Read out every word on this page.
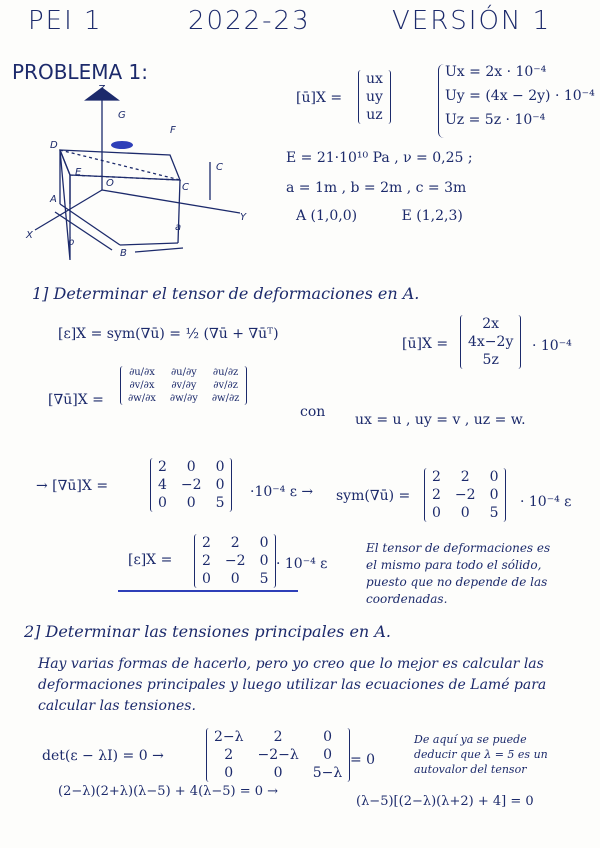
PEI 1	2022-23	VERSIÓN 1
PROBLEMA 1:
Z
X
Y
a
b
C
A
B
C
D
E
F
G
O
[ū]X =
ux
uy
uz
Ux = 2x · 10⁻⁴
Uy = (4x − 2y) · 10⁻⁴
Uz = 5z · 10⁻⁴
E = 21·10¹⁰ Pa , ν = 0,25 ;
a = 1m , b = 2m , c = 3m
A (1,0,0)          E (1,2,3)
1] Determinar el tensor de deformaciones en A.
[ε]X = sym(∇ū) = ½ (∇ū + ∇ūᵀ)
[ū]X =
2x
4x−2y
5z
· 10⁻⁴
[∇ū]X =
∂u/∂x	∂u/∂y	∂u/∂z
∂v/∂x	∂v/∂y	∂v/∂z
∂w/∂x	∂w/∂y	∂w/∂z
con ux = u , uy = v , uz = w.
→ [∇ū]X =
2	0	0
4	−2	0
0	0	5
·10⁻⁴ ε → sym(∇ū) =
2	2	0
2	−2	0
0	0	5
· 10⁻⁴ ε
[ε]X =
2	2	0
2	−2	0
0	0	5
· 10⁻⁴ ε
El tensor de deformaciones es el mismo para todo el sólido, puesto que no depende de las coordenadas.
2] Determinar las tensiones principales en A.
Hay varias formas de hacerlo, pero yo creo que lo mejor es calcular las deformaciones principales y luego utilizar las ecuaciones de Lamé para calcular las tensiones.
det(ε − λI) = 0 →
2−λ	2	0
2	−2−λ	0
0	0	5−λ
= 0
De aquí ya se puede deducir que λ = 5 es un autovalor del tensor
(2−λ)(2+λ)(λ−5) + 4(λ−5) = 0 →
(λ−5)[(2−λ)(λ+2) + 4] = 0
